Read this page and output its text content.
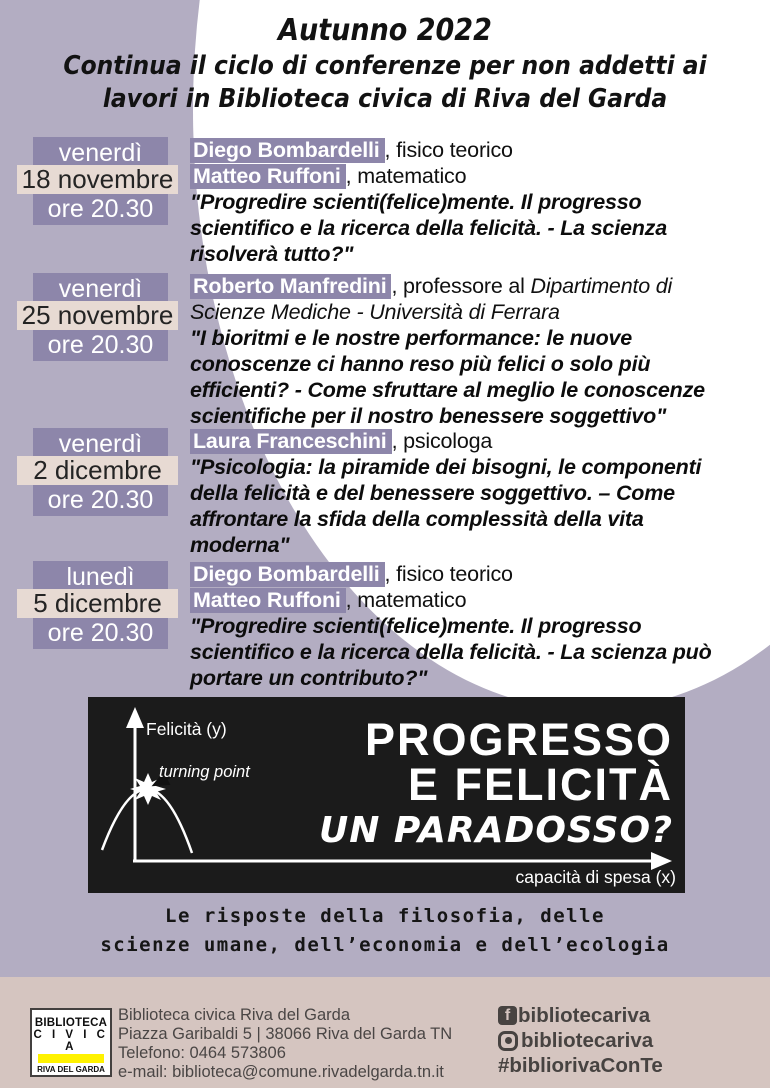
Autunno 2022
Continua il ciclo di conferenze per non addetti ai
lavori in Biblioteca civica di Riva del Garda
venerdì
18 novembre
ore 20.30
Diego Bombardelli , fisico teorico
Matteo Ruffoni , matematico
"Progredire scienti(felice)mente. Il progresso
scientifico e la ricerca della felicità. - La scienza
risolverà tutto?"
venerdì
25 novembre
ore 20.30
Roberto Manfredini , professore al Dipartimento di
Scienze Mediche - Università di Ferrara
"I bioritmi e le nostre performance: le nuove
conoscenze ci hanno reso più felici o solo più
efficienti? - Come sfruttare al meglio le conoscenze
scientifiche per il nostro benessere soggettivo"
venerdì
2 dicembre
ore 20.30
Laura Franceschini , psicologa
"Psicologia: la piramide dei bisogni, le componenti
della felicità e del benessere soggettivo. – Come
affrontare la sfida della complessità della vita
moderna"
lunedì
5 dicembre
ore 20.30
Diego Bombardelli , fisico teorico
Matteo Ruffoni , matematico
"Progredire scienti(felice)mente. Il progresso
scientifico e la ricerca della felicità. - La scienza può
portare un contributo?"
Felicità (y)
turning point
capacità di spesa (x)
PROGRESSO
E FELICITÀ
UN PARADOSSO?
Le risposte della filosofia, delle
scienze umane, dell’economia e dell’ecologia
BIBLIOTECA
C I V I C A
RIVA DEL GARDA
Biblioteca civica Riva del Garda
Piazza Garibaldi 5 | 38066 Riva del Garda TN
Telefono: 0464 573806
e-mail: biblioteca@comune.rivadelgarda.tn.it
f bibliotecariva
bibliotecariva
#bibliorivaConTe
